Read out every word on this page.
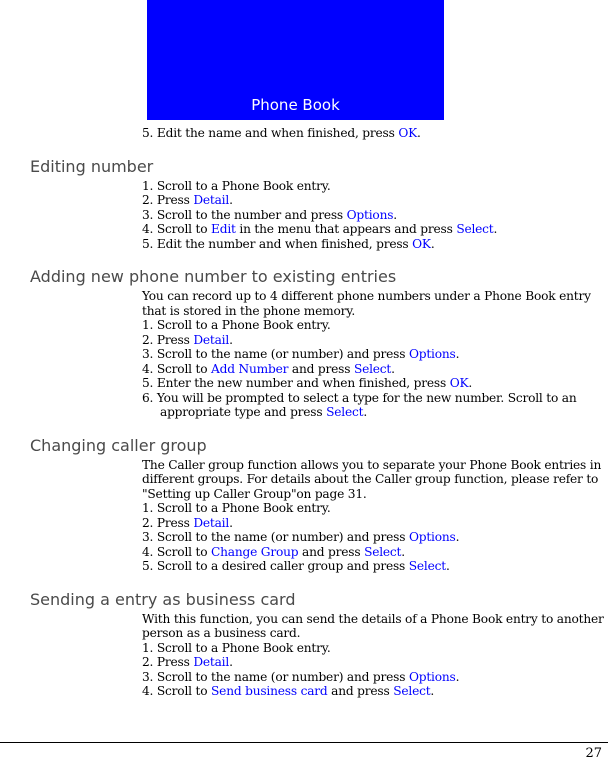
Phone Book
5. Edit the name and when finished, press OK.
Editing number
1. Scroll to a Phone Book entry.
2. Press Detail.
3. Scroll to the number and press Options.
4. Scroll to Edit in the menu that appears and press Select.
5. Edit the number and when finished, press OK.
Adding new phone number to existing entries
You can record up to 4 different phone numbers under a Phone Book entry
that is stored in the phone memory.
1. Scroll to a Phone Book entry.
2. Press Detail.
3. Scroll to the name (or number) and press Options.
4. Scroll to Add Number and press Select.
5. Enter the new number and when finished, press OK.
6. You will be prompted to select a type for the new number. Scroll to an
appropriate type and press Select.
Changing caller group
The Caller group function allows you to separate your Phone Book entries in
different groups. For details about the Caller group function, please refer to
"Setting up Caller Group"on page 31.
1. Scroll to a Phone Book entry.
2. Press Detail.
3. Scroll to the name (or number) and press Options.
4. Scroll to Change Group and press Select.
5. Scroll to a desired caller group and press Select.
Sending a entry as business card
With this function, you can send the details of a Phone Book entry to another
person as a business card.
1. Scroll to a Phone Book entry.
2. Press Detail.
3. Scroll to the name (or number) and press Options.
4. Scroll to Send business card and press Select.
27
